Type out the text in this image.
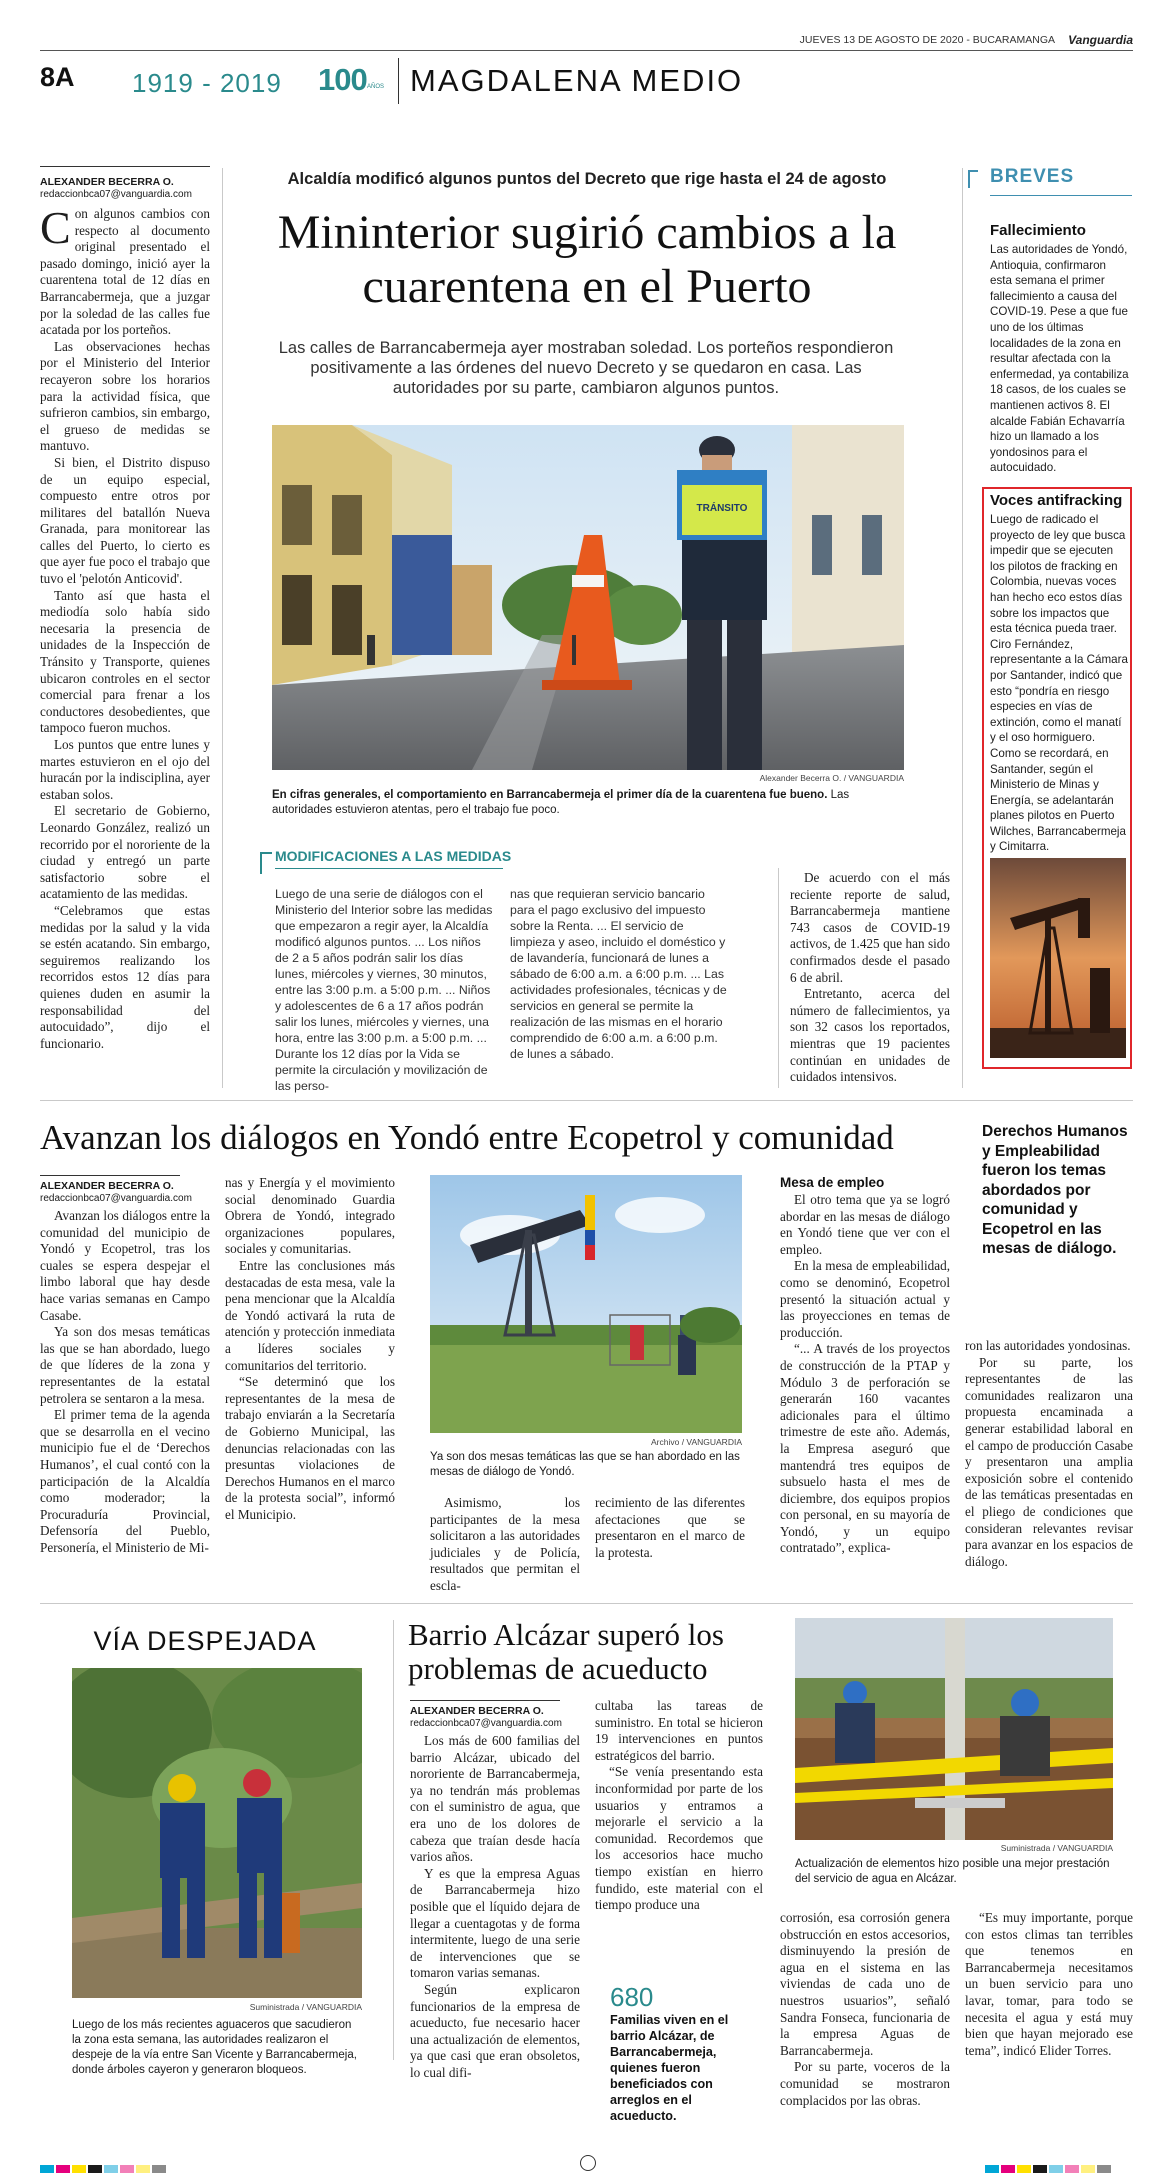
JUEVES 13 DE AGOSTO DE 2020 - BUCARAMANGA Vanguardia
8A 1919 - 2019 100 AÑOS MAGDALENA MEDIO
ALEXANDER BECERRA O.
redaccionbca07@vanguardia.com

Con algunos cambios con respecto al documento original presentado el pasado domingo, inició ayer la cuarentena total de 12 días en Barrancabermeja, que a juzgar por la soledad de las calles fue acatada por los porteños.

Las observaciones hechas por el Ministerio del Interior recayeron sobre los horarios para la actividad física, que sufrieron cambios, sin embargo, el grueso de medidas se mantuvo.

Si bien, el Distrito dispuso de un equipo especial, compuesto entre otros por militares del batallón Nueva Granada, para monitorear las calles del Puerto, lo cierto es que ayer fue poco el trabajo que tuvo el 'pelotón Anticovid'.

Tanto así que hasta el mediodía solo había sido necesaria la presencia de unidades de la Inspección de Tránsito y Transporte, quienes ubicaron controles en el sector comercial para frenar a los conductores desobedientes, que tampoco fueron muchos.

Los puntos que entre lunes y martes estuvieron en el ojo del huracán por la indisciplina, ayer estaban solos.

El secretario de Gobierno, Leonardo González, realizó un recorrido por el nororiente de la ciudad y entregó un parte satisfactorio sobre el acatamiento de las medidas.

“Celebramos que estas medidas por la salud y la vida se estén acatando. Sin embargo, seguiremos realizando los recorridos estos 12 días para quienes duden en asumir la responsabilidad del autocuidado”, dijo el funcionario.

Alcaldía modificó algunos puntos del Decreto que rige hasta el 24 de agosto
Mininterior sugirió cambios a la cuarentena en el Puerto
Las calles de Barrancabermeja ayer mostraban soledad. Los porteños respondieron positivamente a las órdenes del nuevo Decreto y se quedaron en casa. Las autoridades por su parte, cambiaron algunos puntos.
TRÁNSITO
Alexander Becerra O. / VANGUARDIA
En cifras generales, el comportamiento en Barrancabermeja el primer día de la cuarentena fue bueno. Las autoridades estuvieron atentas, pero el trabajo fue poco.
MODIFICACIONES A LAS MEDIDAS
Luego de una serie de diálogos con el Ministerio del Interior sobre las medidas que empezaron a regir ayer, la Alcaldía modificó algunos puntos. ... Los niños de 2 a 5 años podrán salir los días lunes, miércoles y viernes, 30 minutos, entre las 3:00 p.m. a 5:00 p.m. ... Niños y adolescentes de 6 a 17 años podrán salir los lunes, miércoles y viernes, una hora, entre las 3:00 p.m. a 5:00 p.m. ... Durante los 12 días por la Vida se permite la circulación y movilización de las perso-
nas que requieran servicio bancario para el pago exclusivo del impuesto sobre la Renta. ... El servicio de limpieza y aseo, incluido el doméstico y de lavandería, funcionará de lunes a sábado de 6:00 a.m. a 6:00 p.m. ... Las actividades profesionales, técnicas y de servicios en general se permite la realización de las mismas en el horario comprendido de 6:00 a.m. a 6:00 p.m. de lunes a sábado.

De acuerdo con el más reciente reporte de salud, Barrancabermeja mantiene 743 casos de COVID-19 activos, de 1.425 que han sido confirmados desde el pasado 6 de abril.

Entretanto, acerca del número de fallecimientos, ya son 32 casos los reportados, mientras que 19 pacientes continúan en unidades de cuidados intensivos.

BREVES
Fallecimiento
Las autoridades de Yondó, Antioquia, confirmaron esta semana el primer fallecimiento a causa del COVID-19. Pese a que fue uno de los últimas localidades de la zona en resultar afectada con la enfermedad, ya contabiliza 18 casos, de los cuales se mantienen activos 8. El alcalde Fabián Echavarría hizo un llamado a los yondosinos para el autocuidado.
Voces antifracking
Luego de radicado el proyecto de ley que busca impedir que se ejecuten los pilotos de fracking en Colombia, nuevas voces han hecho eco estos días sobre los impactos que esta técnica pueda traer. Ciro Fernández, representante a la Cámara por Santander, indicó que esto “pondría en riesgo especies en vías de extinción, como el manatí y el oso hormiguero. Como se recordará, en Santander, según el Ministerio de Minas y Energía, se adelantarán planes pilotos en Puerto Wilches, Barrancabermeja y Cimitarra.
Avanzan los diálogos en Yondó entre Ecopetrol y comunidad	Derechos Humanos y Empleabilidad fueron los temas abordados por comunidad y Ecopetrol en las mesas de diálogo.
ALEXANDER BECERRA O.
redaccionbca07@vanguardia.com

Avanzan los diálogos entre la comunidad del municipio de Yondó y Ecopetrol, tras los cuales se espera despejar el limbo laboral que hay desde hace varias semanas en Campo Casabe.

Ya son dos mesas temáticas las que se han abordado, luego de que líderes de la zona y representantes de la estatal petrolera se sentaron a la mesa.

El primer tema de la agenda que se desarrolla en el vecino municipio fue el de ‘Derechos Humanos’, el cual contó con la participación de la Alcaldía como moderador; la Procuraduría Provincial, Defensoría del Pueblo, Personería, el Ministerio de Mi-

nas y Energía y el movimiento social denominado Guardia Obrera de Yondó, integrado organizaciones populares, sociales y comunitarias.

Entre las conclusiones más destacadas de esta mesa, vale la pena mencionar que la Alcaldía de Yondó activará la ruta de atención y protección inmediata a líderes sociales y comunitarios del territorio.

“Se determinó que los representantes de la mesa de trabajo enviarán a la Secretaría de Gobierno Municipal, las denuncias relacionadas con las presuntas violaciones de Derechos Humanos en el marco de la protesta social”, informó el Municipio.

Archivo / VANGUARDIA
Ya son dos mesas temáticas las que se han abordado en las mesas de diálogo de Yondó.
Asimismo, los participantes de la mesa solicitaron a las autoridades judiciales y de Policía, resultados que permitan el escla-
recimiento de las diferentes afectaciones que se presentaron en el marco de la protesta.
Mesa de empleo

El otro tema que ya se logró abordar en las mesas de diálogo en Yondó tiene que ver con el empleo.

En la mesa de empleabilidad, como se denominó, Ecopetrol presentó la situación actual y las proyecciones en temas de producción.

“... A través de los proyectos de construcción de la PTAP y Módulo 3 de perforación se generarán 160 vacantes adicionales para el último trimestre de este año. Además, la Empresa aseguró que mantendrá tres equipos de subsuelo hasta el mes de diciembre, dos equipos propios con personal, en su mayoría de Yondó, y un equipo contratado”, explica-

ron las autoridades yondosinas.

Por su parte, los representantes de las comunidades realizaron una propuesta encaminada a generar estabilidad laboral en el campo de producción Casabe y presentaron una amplia exposición sobre el contenido de las temáticas presentadas en el pliego de condiciones que consideran relevantes revisar para avanzar en los espacios de diálogo.

VÍA DESPEJADA
Suministrada / VANGUARDIA
Luego de los más recientes aguaceros que sacudieron la zona esta semana, las autoridades realizaron el despeje de la vía entre San Vicente y Barrancabermeja, donde árboles cayeron y generaron bloqueos.
Barrio Alcázar superó los problemas de acueducto
ALEXANDER BECERRA O.
redaccionbca07@vanguardia.com

Los más de 600 familias del barrio Alcázar, ubicado del nororiente de Barrancabermeja, ya no tendrán más problemas con el suministro de agua, que era uno de los dolores de cabeza que traían desde hacía varios años.

Y es que la empresa Aguas de Barrancabermeja hizo posible que el líquido dejara de llegar a cuentagotas y de forma intermitente, luego de una serie de intervenciones que se tomaron varias semanas.

Según explicaron funcionarios de la empresa de acueducto, fue necesario hacer una actualización de elementos, ya que casi que eran obsoletos, lo cual difi-

cultaba las tareas de suministro. En total se hicieron 19 intervenciones en puntos estratégicos del barrio.

“Se venía presentando esta inconformidad por parte de los usuarios y entramos a mejorarle el servicio a la comunidad. Recordemos que los accesorios hace mucho tiempo existían en hierro fundido, este material con el tiempo produce una

680
Familias viven en el barrio Alcázar, de Barrancabermeja, quienes fueron beneficiados con arreglos en el acueducto.
Suministrada / VANGUARDIA
Actualización de elementos hizo posible una mejor prestación del servicio de agua en Alcázar.

corrosión, esa corrosión genera obstrucción en estos accesorios, disminuyendo la presión de agua en el sistema en las viviendas de cada uno de nuestros usuarios”, señaló Sandra Fonseca, funcionaria de la empresa Aguas de Barrancabermeja.

Por su parte, voceros de la comunidad se mostraron complacidos por las obras.

“Es muy importante, porque con estos climas tan terribles que tenemos en Barrancabermeja necesitamos un buen servicio para uno lavar, tomar, para todo se necesita el agua y está muy bien que hayan mejorado ese tema”, indicó Elider Torres.
